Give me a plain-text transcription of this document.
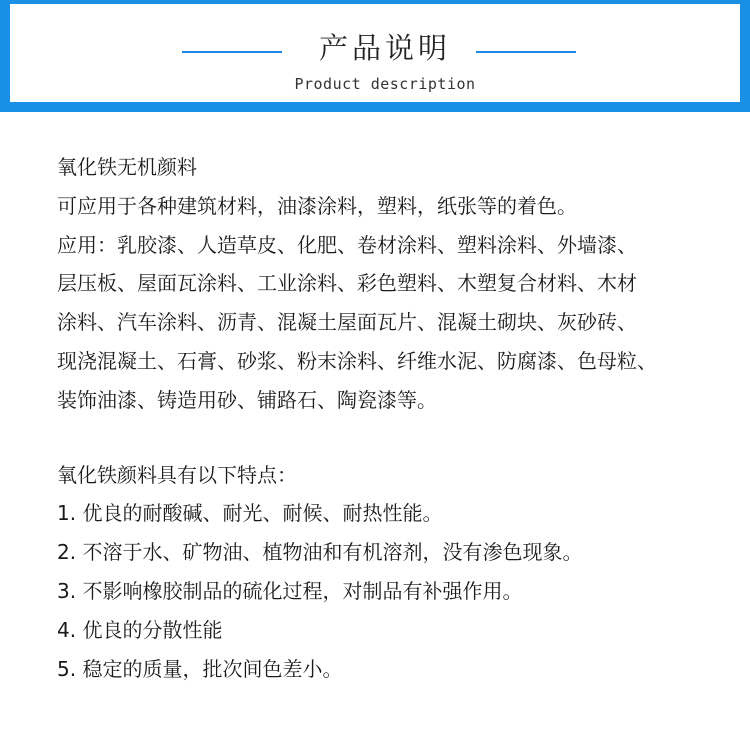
产品说明
Product description
氧化铁无机颜料
可应用于各种建筑材料，油漆涂料，塑料，纸张等的着色。
应用：乳胶漆、人造草皮、化肥、卷材涂料、塑料涂料、外墙漆、
层压板、屋面瓦涂料、工业涂料、彩色塑料、木塑复合材料、木材
涂料、汽车涂料、沥青、混凝土屋面瓦片、混凝土砌块、灰砂砖、
现浇混凝土、石膏、砂浆、粉末涂料、纤维水泥、防腐漆、色母粒、
装饰油漆、铸造用砂、铺路石、陶瓷漆等。
氧化铁颜料具有以下特点：
1. 优良的耐酸碱、耐光、耐候、耐热性能。
2. 不溶于水、矿物油、植物油和有机溶剂，没有渗色现象。
3. 不影响橡胶制品的硫化过程，对制品有补强作用。
4. 优良的分散性能
5. 稳定的质量，批次间色差小。
